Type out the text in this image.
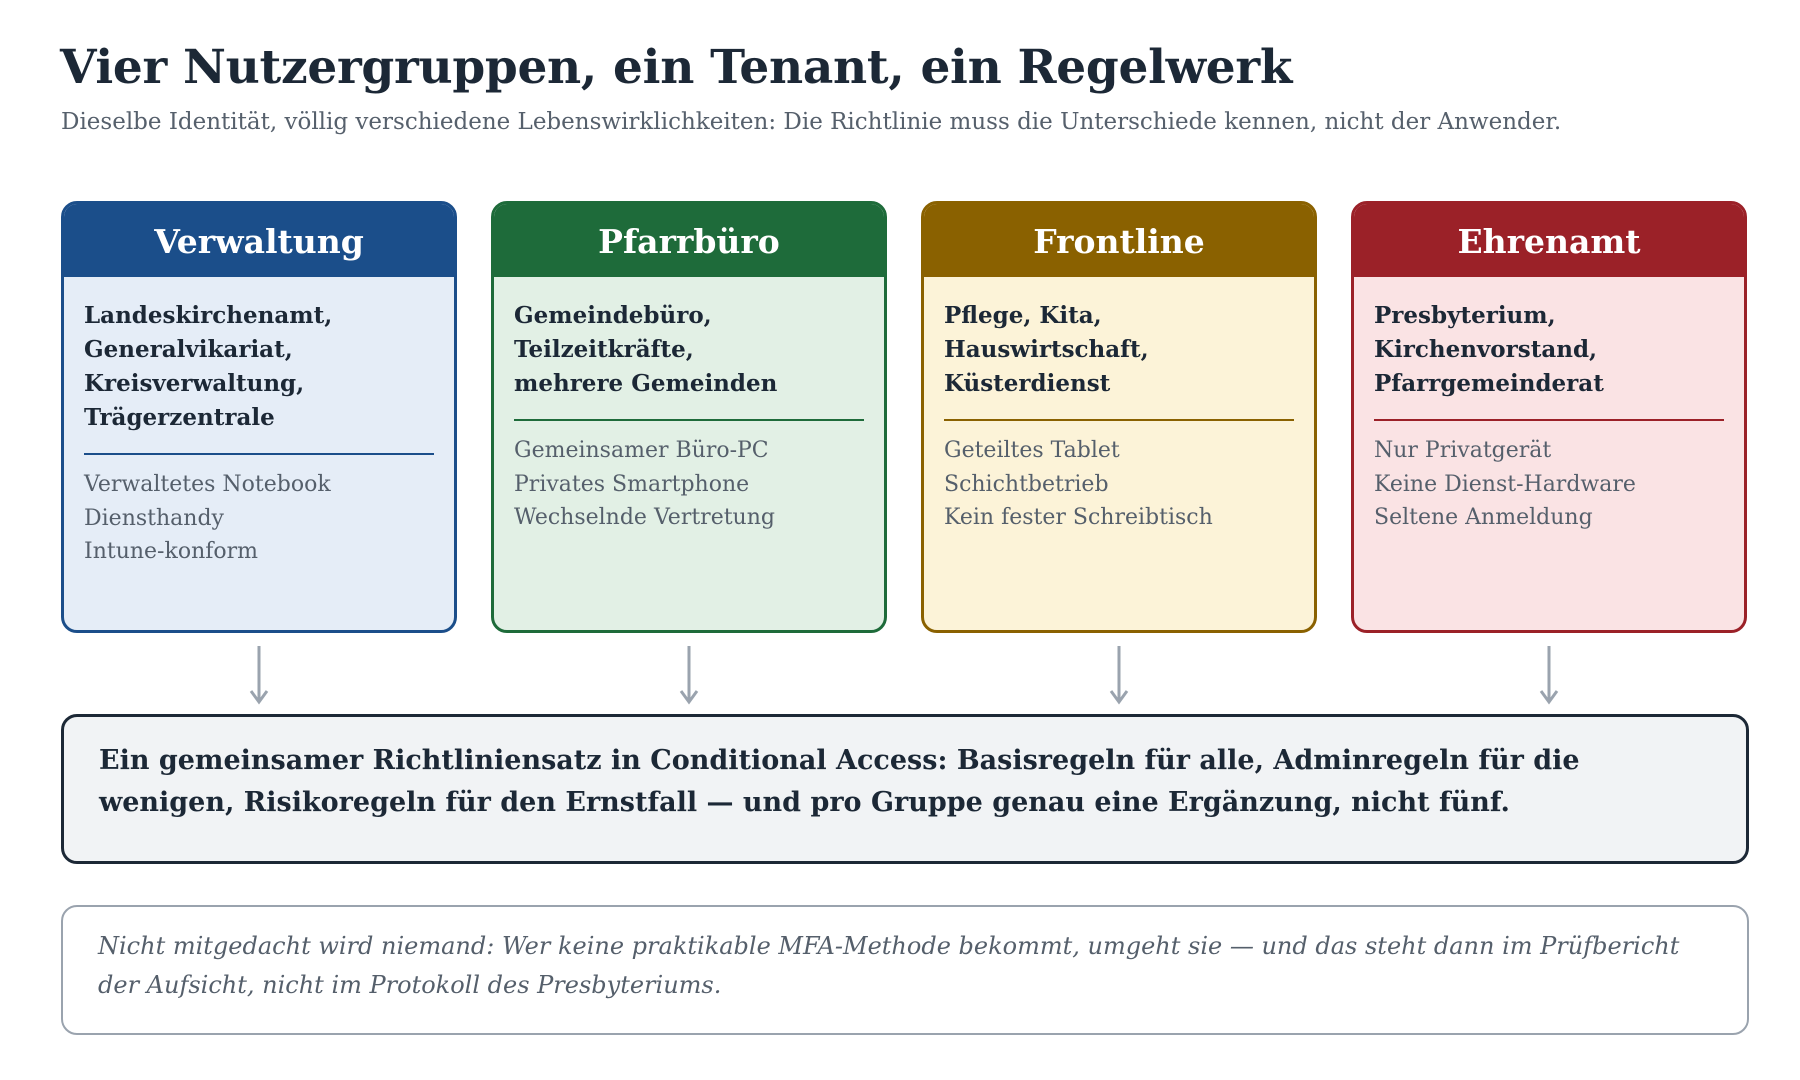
Vier Nutzergruppen, ein Tenant, ein Regelwerk

Dieselbe Identität, völlig verschiedene Lebenswirklichkeiten: Die Richtlinie muss die Unterschiede kennen, nicht der Anwender.

Verwaltung
Landeskirchenamt,
Generalvikariat,
Kreisverwaltung,
Trägerzentrale
Verwaltetes Notebook
Diensthandy
Intune-konform
Pfarrbüro
Gemeindebüro,
Teilzeitkräfte,
mehrere Gemeinden
Gemeinsamer Büro-PC
Privates Smartphone
Wechselnde Vertretung
Frontline
Pflege, Kita,
Hauswirtschaft,
Küsterdienst
Geteiltes Tablet
Schichtbetrieb
Kein fester Schreibtisch
Ehrenamt
Presbyterium,
Kirchenvorstand,
Pfarrgemeinderat
Nur Privatgerät
Keine Dienst-Hardware
Seltene Anmeldung
Ein gemeinsamer Richtliniensatz in Conditional Access: Basisregeln für alle, Adminregeln für die wenigen, Risikoregeln für den Ernstfall — und pro Gruppe genau eine Ergänzung, nicht fünf.
Nicht mitgedacht wird niemand: Wer keine praktikable MFA-Methode bekommt, umgeht sie — und das steht dann im Prüfbericht der Aufsicht, nicht im Protokoll des Presbyteriums.
